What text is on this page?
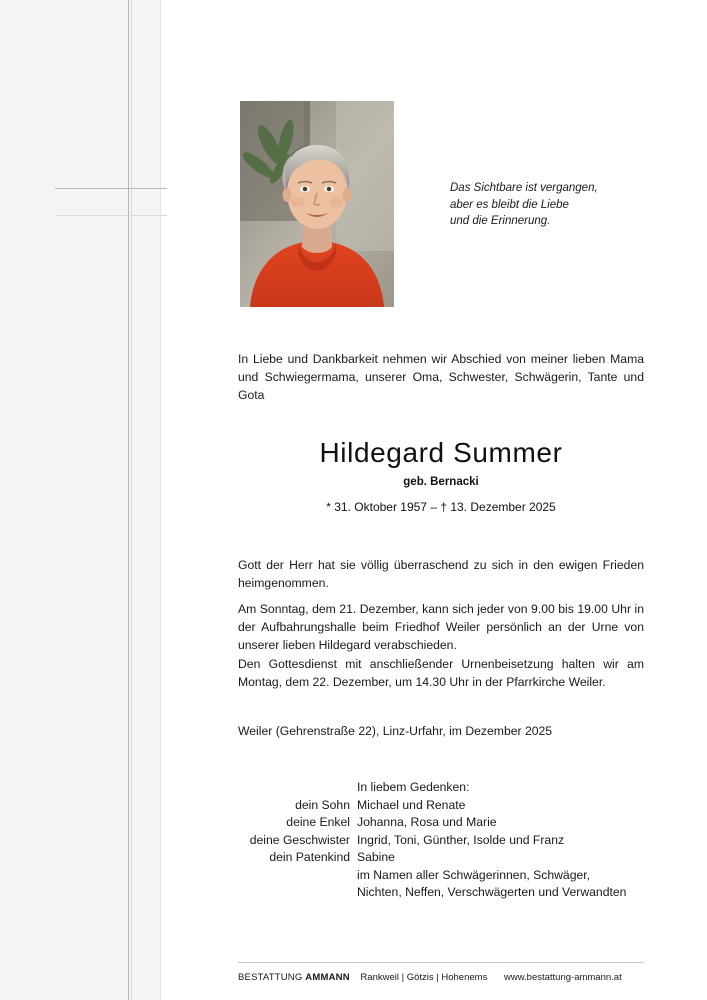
Das Sichtbare ist vergangen,
aber es bleibt die Liebe
und die Erinnerung.
In Liebe und Dankbarkeit nehmen wir Abschied von meiner lieben Mama und Schwiegermama, unserer Oma, Schwester, Schwägerin, Tante und Gota
Hildegard Summer
geb. Bernacki
* 31. Oktober 1957 – † 13. Dezember 2025
Gott der Herr hat sie völlig überraschend zu sich in den ewigen Frieden heimgenommen.
Am Sonntag, dem 21. Dezember, kann sich jeder von 9.00 bis 19.00 Uhr in der Aufbahrungshalle beim Friedhof Weiler persönlich an der Urne von unserer lieben Hildegard verabschieden.
Den Gottesdienst mit anschließender Urnenbeisetzung halten wir am Montag, dem 22. Dezember, um 14.30 Uhr in der Pfarrkirche Weiler.
Weiler (Gehrenstraße 22), Linz-Urfahr, im Dezember 2025
	In liebem Gedenken:
dein Sohn	Michael und Renate
deine Enkel	Johanna, Rosa und Marie
deine Geschwister	Ingrid, Toni, Günther, Isolde und Franz
dein Patenkind	Sabine
	im Namen aller Schwägerinnen, Schwäger,
	Nichten, Neffen, Verschwägerten und Verwandten
BESTATTUNG AMMANN Rankweil | Götzis | Hohenems www.bestattung-ammann.at
